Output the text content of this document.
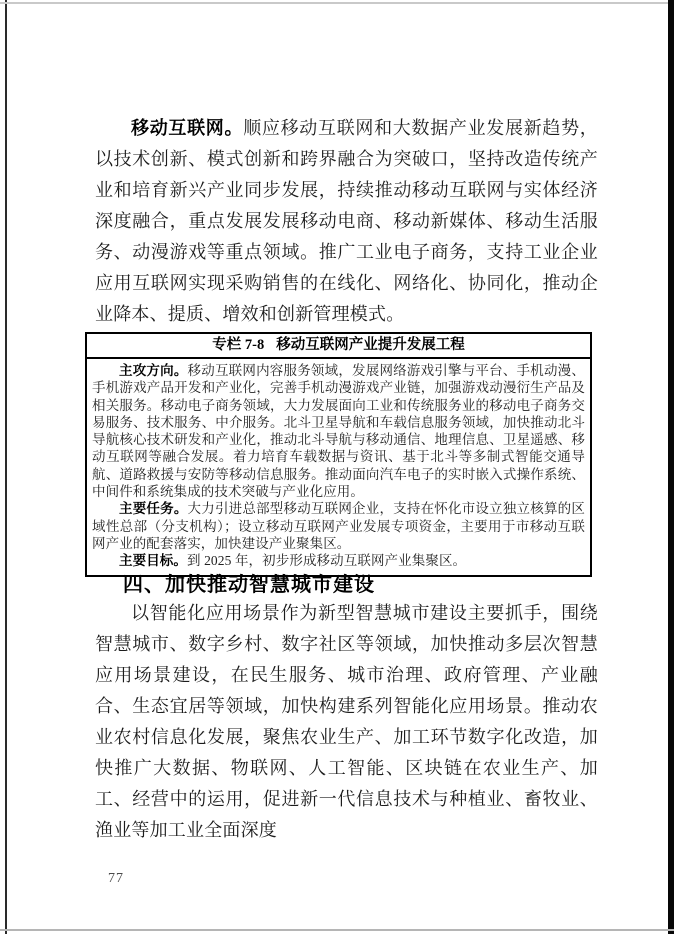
移动互联网。顺应移动互联网和大数据产业发展新趋势，以技术创新、模式创新和跨界融合为突破口，坚持改造传统产业和培育新兴产业同步发展，持续推动移动互联网与实体经济深度融合，重点发展发展移动电商、移动新媒体、移动生活服务、动漫游戏等重点领域。推广工业电子商务，支持工业企业应用互联网实现采购销售的在线化、网络化、协同化，推动企业降本、提质、增效和创新管理模式。

专栏 7-8 移动互联网产业提升发展工程

主攻方向。移动互联网内容服务领域，发展网络游戏引擎与平台、手机动漫、手机游戏产品开发和产业化，完善手机动漫游戏产业链，加强游戏动漫衍生产品及相关服务。移动电子商务领域，大力发展面向工业和传统服务业的移动电子商务交易服务、技术服务、中介服务。北斗卫星导航和车载信息服务领域，加快推动北斗导航核心技术研发和产业化，推动北斗导航与移动通信、地理信息、卫星遥感、移动互联网等融合发展。着力培育车载数据与资讯、基于北斗等多制式智能交通导航、道路救援与安防等移动信息服务。推动面向汽车电子的实时嵌入式操作系统、中间件和系统集成的技术突破与产业化应用。

主要任务。大力引进总部型移动互联网企业，支持在怀化市设立独立核算的区域性总部（分支机构）；设立移动互联网产业发展专项资金，主要用于市移动互联网产业的配套落实，加快建设产业聚集区。

主要目标。到 2025 年，初步形成移动互联网产业集聚区。

四、加快推动智慧城市建设

以智能化应用场景作为新型智慧城市建设主要抓手，围绕智慧城市、数字乡村、数字社区等领域，加快推动多层次智慧应用场景建设，在民生服务、城市治理、政府管理、产业融合、生态宜居等领域，加快构建系列智能化应用场景。推动农业农村信息化发展，聚焦农业生产、加工环节数字化改造，加快推广大数据、物联网、人工智能、区块链在农业生产、加工、经营中的运用，促进新一代信息技术与种植业、畜牧业、渔业等加工业全面深度

77
